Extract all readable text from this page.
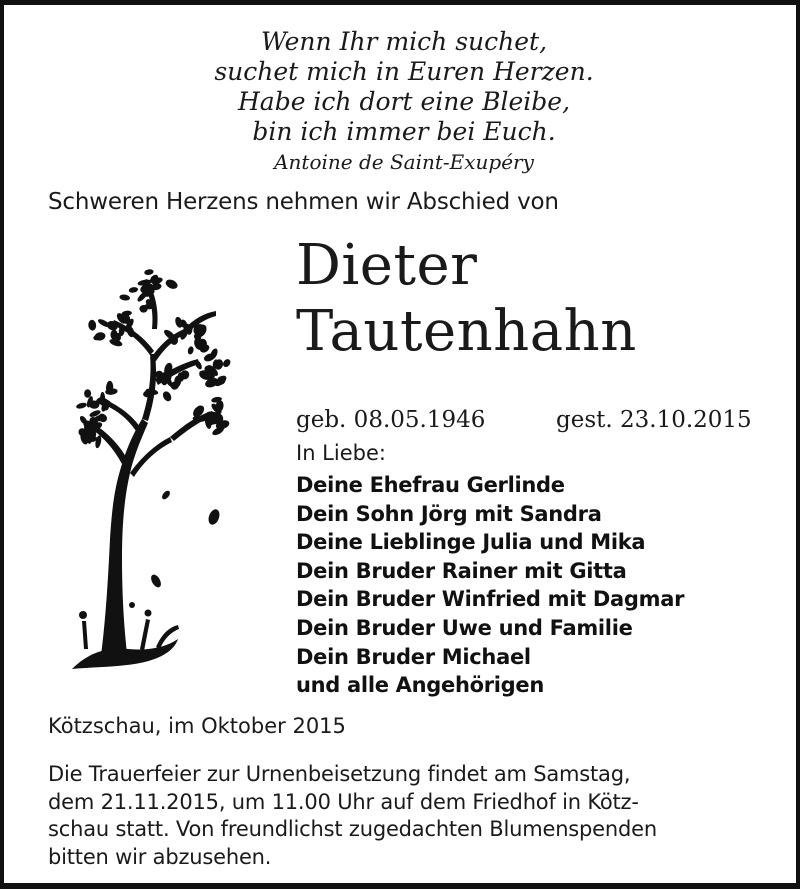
Wenn Ihr mich suchet,
suchet mich in Euren Herzen.
Habe ich dort eine Bleibe,
bin ich immer bei Euch.
Antoine de Saint-Exupéry
Schweren Herzens nehmen wir Abschied von
Dieter
Tautenhahn
geb. 08.05.1946	gest. 23.10.2015
In Liebe:
Deine Ehefrau Gerlinde
Dein Sohn Jörg mit Sandra
Deine Lieblinge Julia und Mika
Dein Bruder Rainer mit Gitta
Dein Bruder Winfried mit Dagmar
Dein Bruder Uwe und Familie
Dein Bruder Michael
und alle Angehörigen
Kötzschau, im Oktober 2015
Die Trauerfeier zur Urnenbeisetzung findet am Samstag,
dem 21.11.2015, um 11.00 Uhr auf dem Friedhof in Kötz-
schau statt. Von freundlichst zugedachten Blumenspenden
bitten wir abzusehen.
